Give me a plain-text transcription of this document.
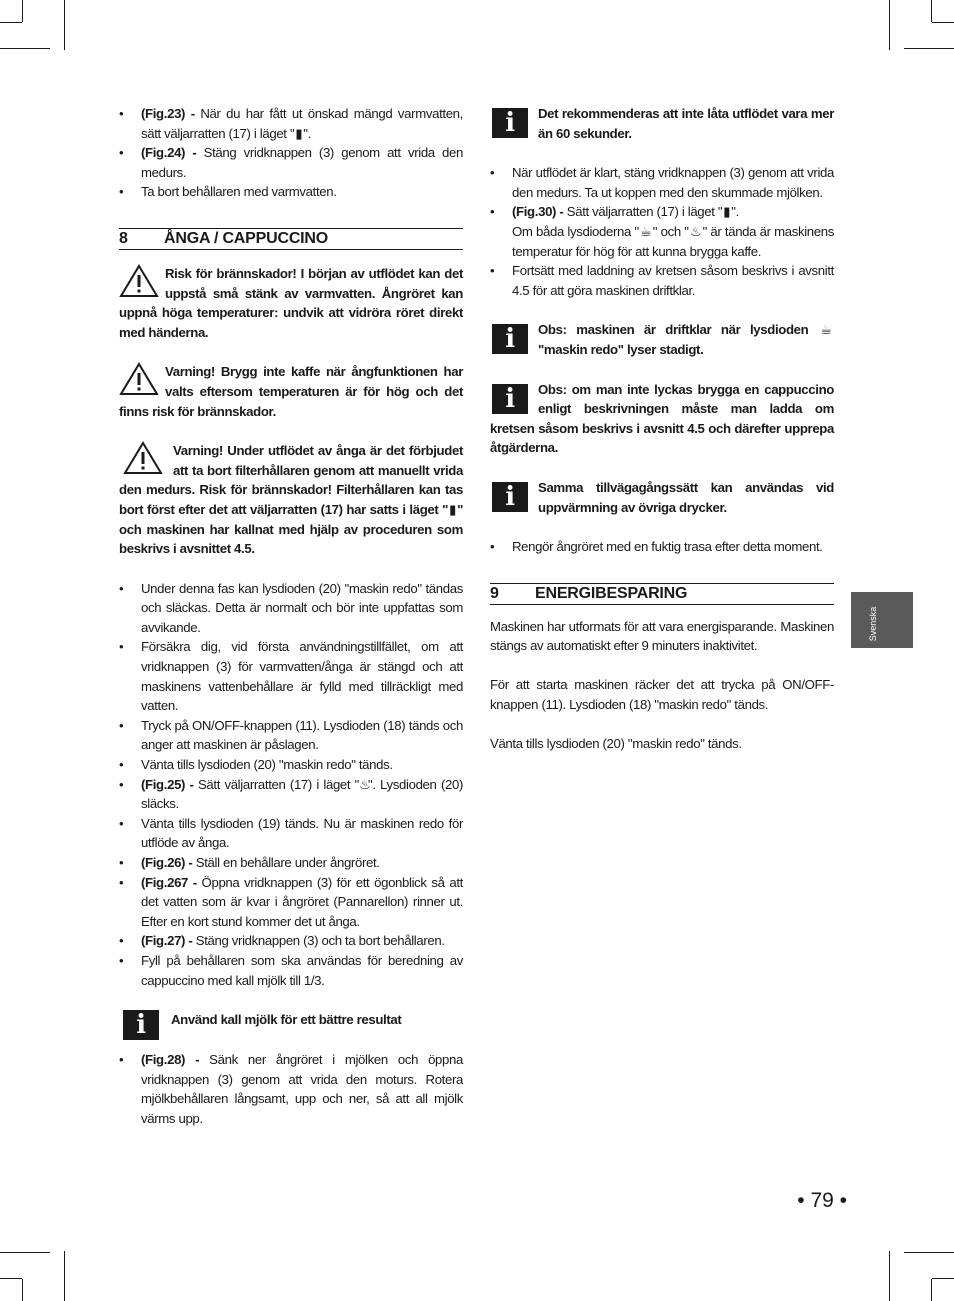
• (Fig.23) - När du har fått ut önskad mängd varmvatten, sätt väljarratten (17) i läget "▮".
• (Fig.24) - Stäng vridknappen (3) genom att vrida den medurs.
• Ta bort behållaren med varmvatten.
8	ÅNGA / CAPPUCCINO
Risk för brännskador! I början av utflödet kan det uppstå små stänk av varmvatten. Ångröret kan uppnå höga temperaturer: undvik att vidröra röret direkt med händerna.
Varning! Brygg inte kaffe när ångfunktionen har valts eftersom temperaturen är för hög och det finns risk för brännskador.
Varning! Under utflödet av ånga är det förbjudet att ta bort filterhållaren genom att manuellt vrida den medurs. Risk för brännskador! Filterhållaren kan tas bort först efter det att väljarratten (17) har satts i läget "▮" och maskinen har kallnat med hjälp av proceduren som beskrivs i avsnittet 4.5.
• Under denna fas kan lysdioden (20) "maskin redo" tändas och släckas. Detta är normalt och bör inte uppfattas som avvikande.
• Försäkra dig, vid första användningstillfället, om att vridknappen (3) för varmvatten/ånga är stängd och att maskinens vattenbehållare är fylld med tillräckligt med vatten.
• Tryck på ON/OFF-knappen (11). Lysdioden (18) tänds och anger att maskinen är påslagen.
• Vänta tills lysdioden (20) "maskin redo" tänds.
• (Fig.25) - Sätt väljarratten (17) i läget "♨". Lysdioden (20) släcks.
• Vänta tills lysdioden (19) tänds. Nu är maskinen redo för utflöde av ånga.
• (Fig.26) - Ställ en behållare under ångröret.
• (Fig.267 - Öppna vridknappen (3) för ett ögonblick så att det vatten som är kvar i ångröret (Pannarellon) rinner ut. Efter en kort stund kommer det ut ånga.
• (Fig.27) - Stäng vridknappen (3) och ta bort behållaren.
• Fyll på behållaren som ska användas för beredning av cappuccino med kall mjölk till 1/3.
i	Använd kall mjölk för ett bättre resultat
• (Fig.28) - Sänk ner ångröret i mjölken och öppna vridknappen (3) genom att vrida den moturs. Rotera mjölkbehållaren långsamt, upp och ner, så att all mjölk värms upp.
i	Det rekommenderas att inte låta utflödet vara mer än 60 sekunder.
• När utflödet är klart, stäng vridknappen (3) genom att vrida den medurs. Ta ut koppen med den skummade mjölken.
• (Fig.30) - Sätt väljarratten (17) i läget "▮".
Om båda lysdioderna "☕" och "♨" är tända är maskinens temperatur för hög för att kunna brygga kaffe.
• Fortsätt med laddning av kretsen såsom beskrivs i avsnitt 4.5 för att göra maskinen driftklar.
i	Obs: maskinen är driftklar när lysdioden ☕ "maskin redo" lyser stadigt.
i	Obs: om man inte lyckas brygga en cappuccino enligt beskrivningen måste man ladda om kretsen såsom beskrivs i avsnitt 4.5 och därefter upprepa åtgärderna.
i	Samma tillvägagångssätt kan användas vid uppvärmning av övriga drycker.
• Rengör ångröret med en fuktig trasa efter detta moment.
9	ENERGIBESPARING

Maskinen har utformats för att vara energisparande. Maskinen stängs av automatiskt efter 9 minuters inaktivitet.

För att starta maskinen räcker det att trycka på ON/OFF-knappen (11). Lysdioden (18) "maskin redo" tänds.

Vänta tills lysdioden (20) "maskin redo" tänds.

Svenska
• 79 •
